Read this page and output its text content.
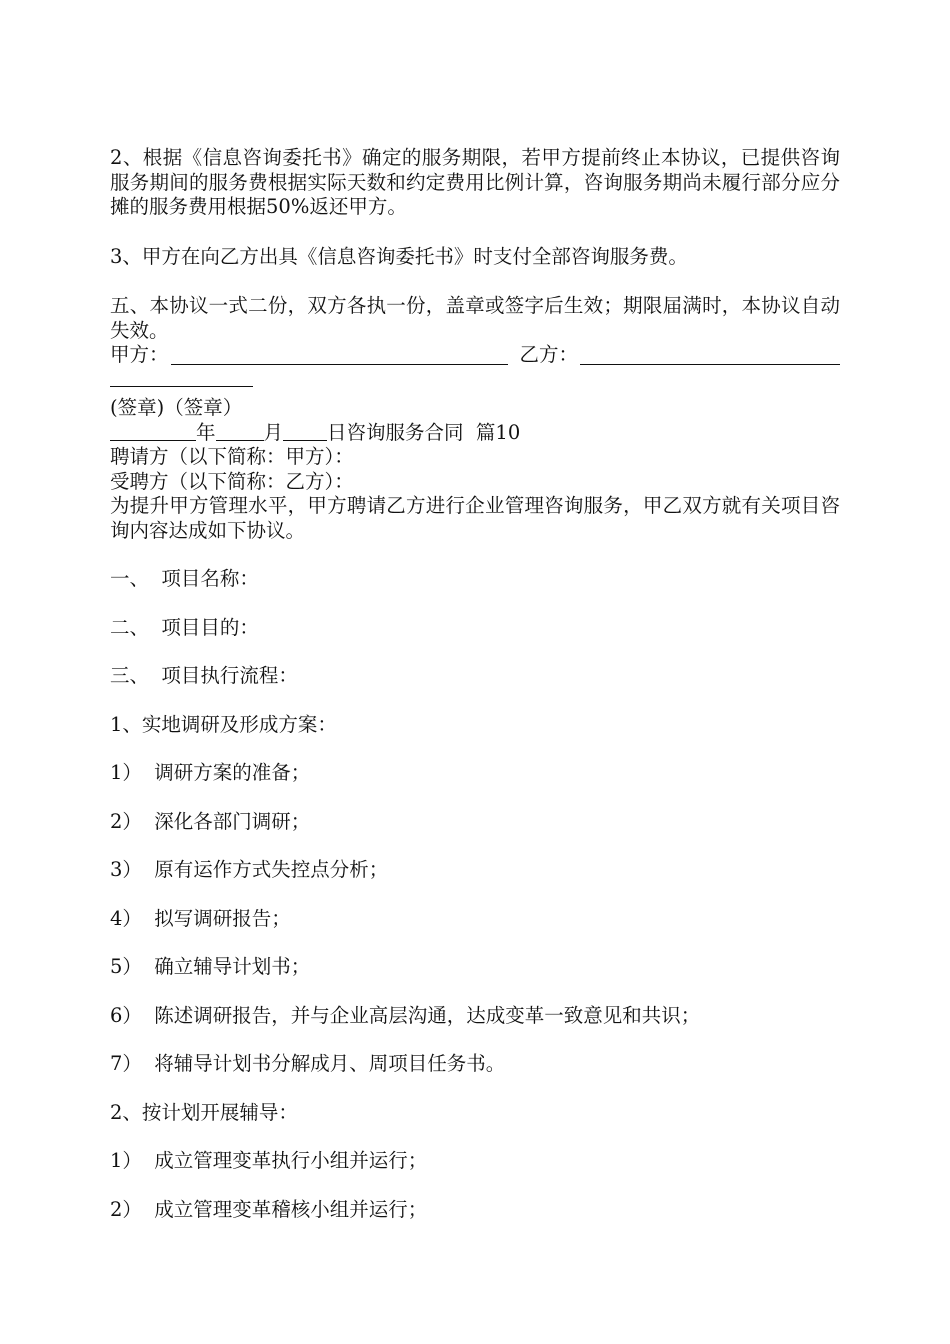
2、根据《信息咨询委托书》确定的服务期限，若甲方提前终止本协议，已提供咨询服务期间的服务费根据实际天数和约定费用比例计算，咨询服务期尚未履行部分应分摊的服务费用根据50%返还甲方。

3、甲方在向乙方出具《信息咨询委托书》时支付全部咨询服务费。

五、本协议一式二份，双方各执一份，盖章或签字后生效；期限届满时，本协议自动失效。

甲方：	乙方：

(签章)（签章）

年 月 日咨询服务合同  篇10

聘请方（以下简称：甲方）：

受聘方（以下简称：乙方）：

为提升甲方管理水平，甲方聘请乙方进行企业管理咨询服务，甲乙双方就有关项目咨询内容达成如下协议。

一、  项目名称：

二、  项目目的：

三、  项目执行流程：

1、实地调研及形成方案：

1）  调研方案的准备；

2）  深化各部门调研；

3）  原有运作方式失控点分析；

4）  拟写调研报告；

5）  确立辅导计划书；

6）  陈述调研报告，并与企业高层沟通，达成变革一致意见和共识；

7）  将辅导计划书分解成月、周项目任务书。

2、按计划开展辅导：

1）  成立管理变革执行小组并运行；

2）  成立管理变革稽核小组并运行；
